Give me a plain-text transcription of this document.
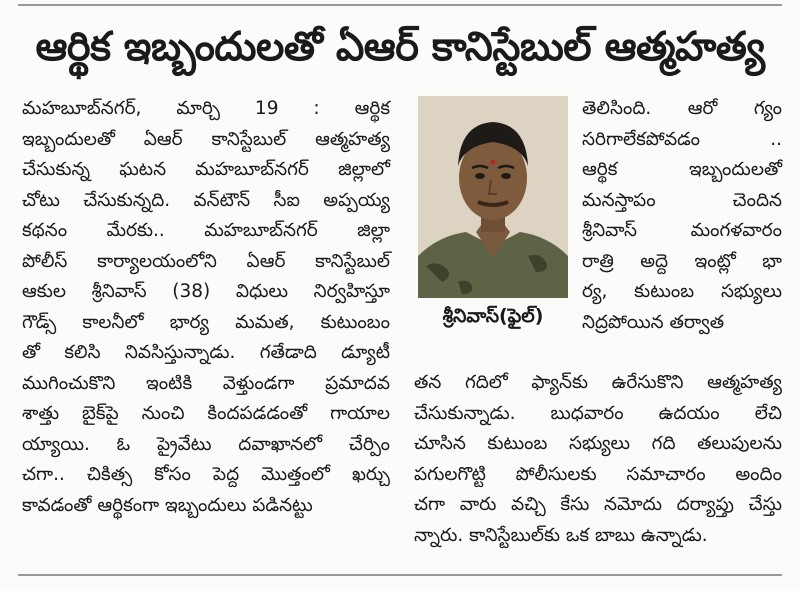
ఆర్థిక ఇబ్బందులతో ఏఆర్ కానిస్టేబుల్ ఆత్మహత్య
మహబూబ్‌నగర్, మార్చి 19 : ఆర్థిక
ఇబ్బందులతో ఏఆర్ కానిస్టేబుల్ ఆత్మహత్య
చేసుకున్న ఘటన మహబూబ్‌నగర్ జిల్లాలో
చోటు చేసుకున్నది. వన్‌టౌన్ సీఐ అప్పయ్య
కథనం మేరకు.. మహబూబ్‌నగర్ జిల్లా
పోలీస్ కార్యాలయంలోని ఏఆర్ కానిస్టేబుల్
ఆకుల శ్రీనివాస్ (38) విధులు నిర్వహిస్తూ
గౌడ్స్ కాలనీలో భార్య మమత, కుటుంబం
తో కలిసి నివసిస్తున్నాడు. గతేడాది డ్యూటీ
ముగించుకొని ఇంటికి వెళ్తుండగా ప్రమాదవ
శాత్తు బైక్‌పై నుంచి కిందపడడంతో గాయాల
య్యాయి. ఓ ప్రైవేటు దవాఖానలో చేర్పిం
చగా.. చికిత్స కోసం పెద్ద మొత్తంలో ఖర్చు
కావడంతో ఆర్థికంగా ఇబ్బందులు పడినట్టు
శ్రీనివాస్(ఫైల్)
తెలిసింది. ఆరో గ్యం
సరిగాలేకపోవడం ..
ఆర్థిక ఇబ్బందులతో
మనస్తాపం చెందిన
శ్రీనివాస్ మంగళవారం
రాత్రి అద్దె ఇంట్లో భా
ర్య, కుటుంబ సభ్యులు
నిద్రపోయిన తర్వాత
తన గదిలో ఫ్యాన్‌కు ఉరేసుకొని ఆత్మహత్య
చేసుకున్నాడు. బుధవారం ఉదయం లేచి
చూసిన కుటుంబ సభ్యులు గది తలుపులను
పగులగొట్టి పోలీసులకు సమాచారం అందిం
చగా వారు వచ్చి కేసు నమోదు దర్యాప్తు చేస్తు
న్నారు. కానిస్టేబుల్‌కు ఒక బాబు ఉన్నాడు.
